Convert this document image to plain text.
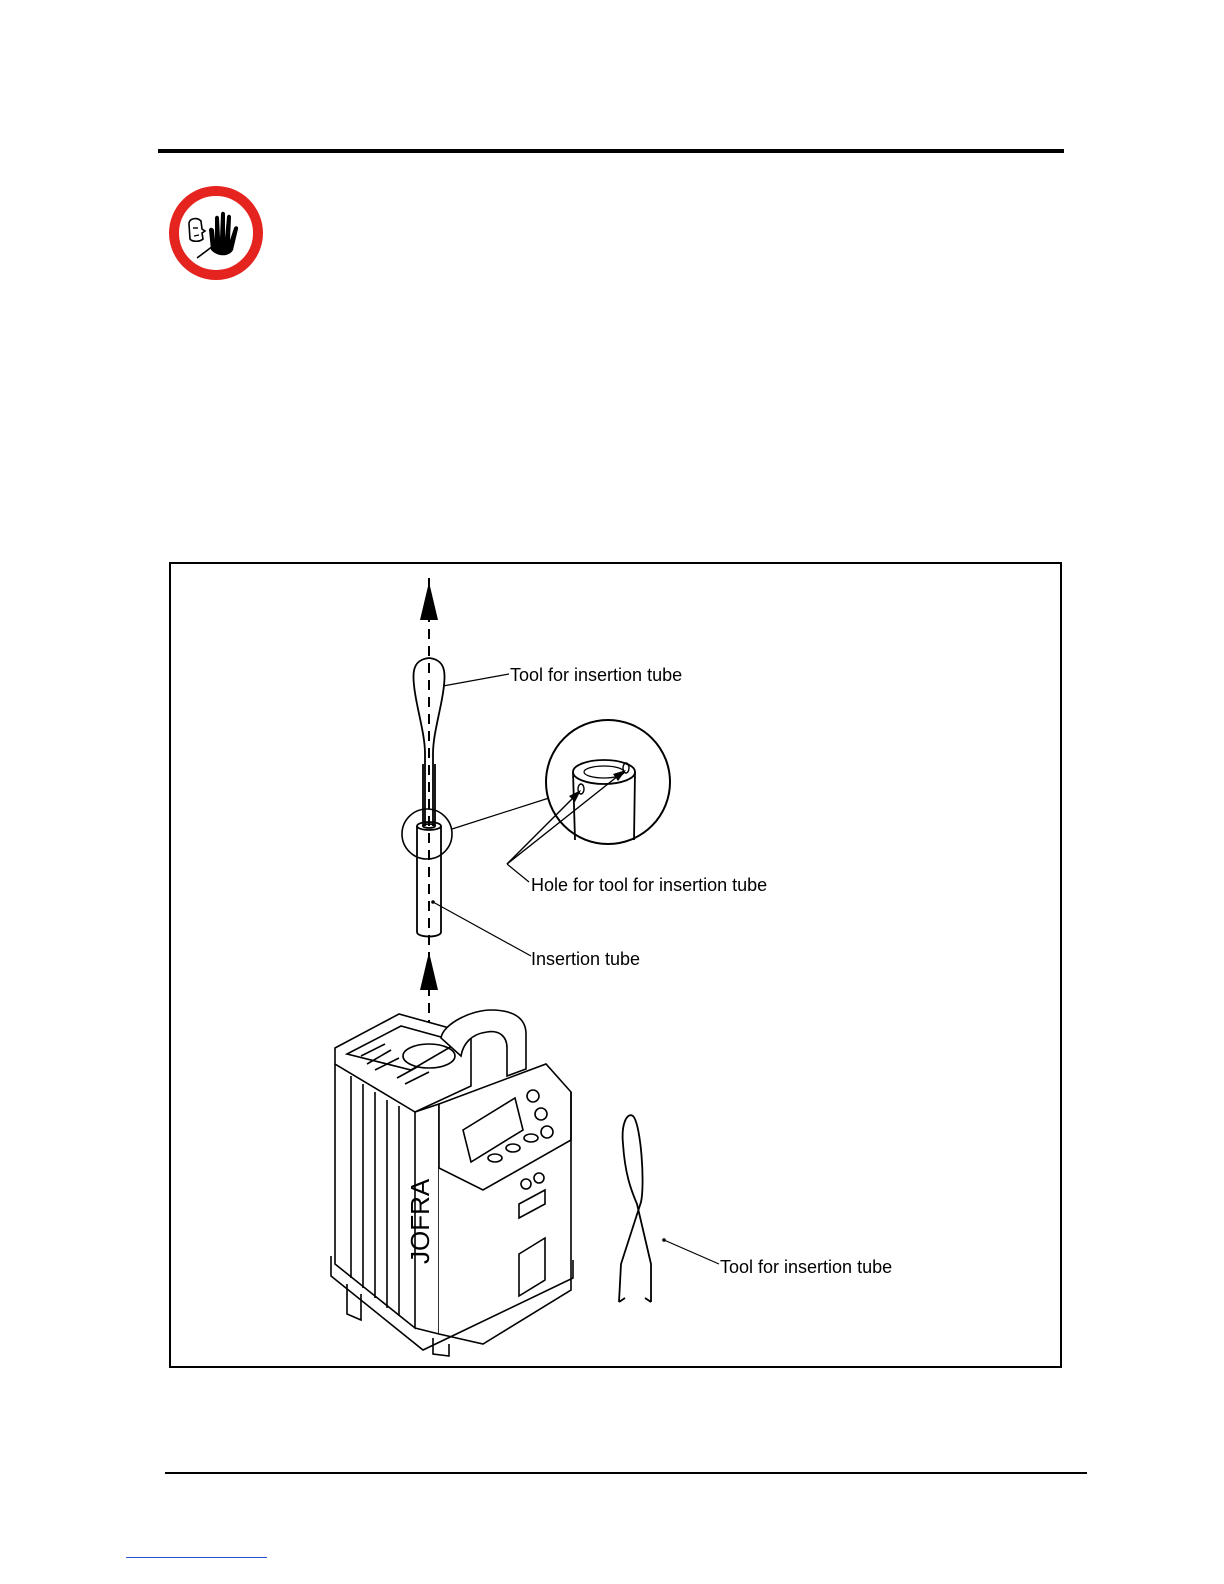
Tool for insertion tube
Hole for tool for insertion tube
Insertion tube
JOFRA
Tool for insertion tube
